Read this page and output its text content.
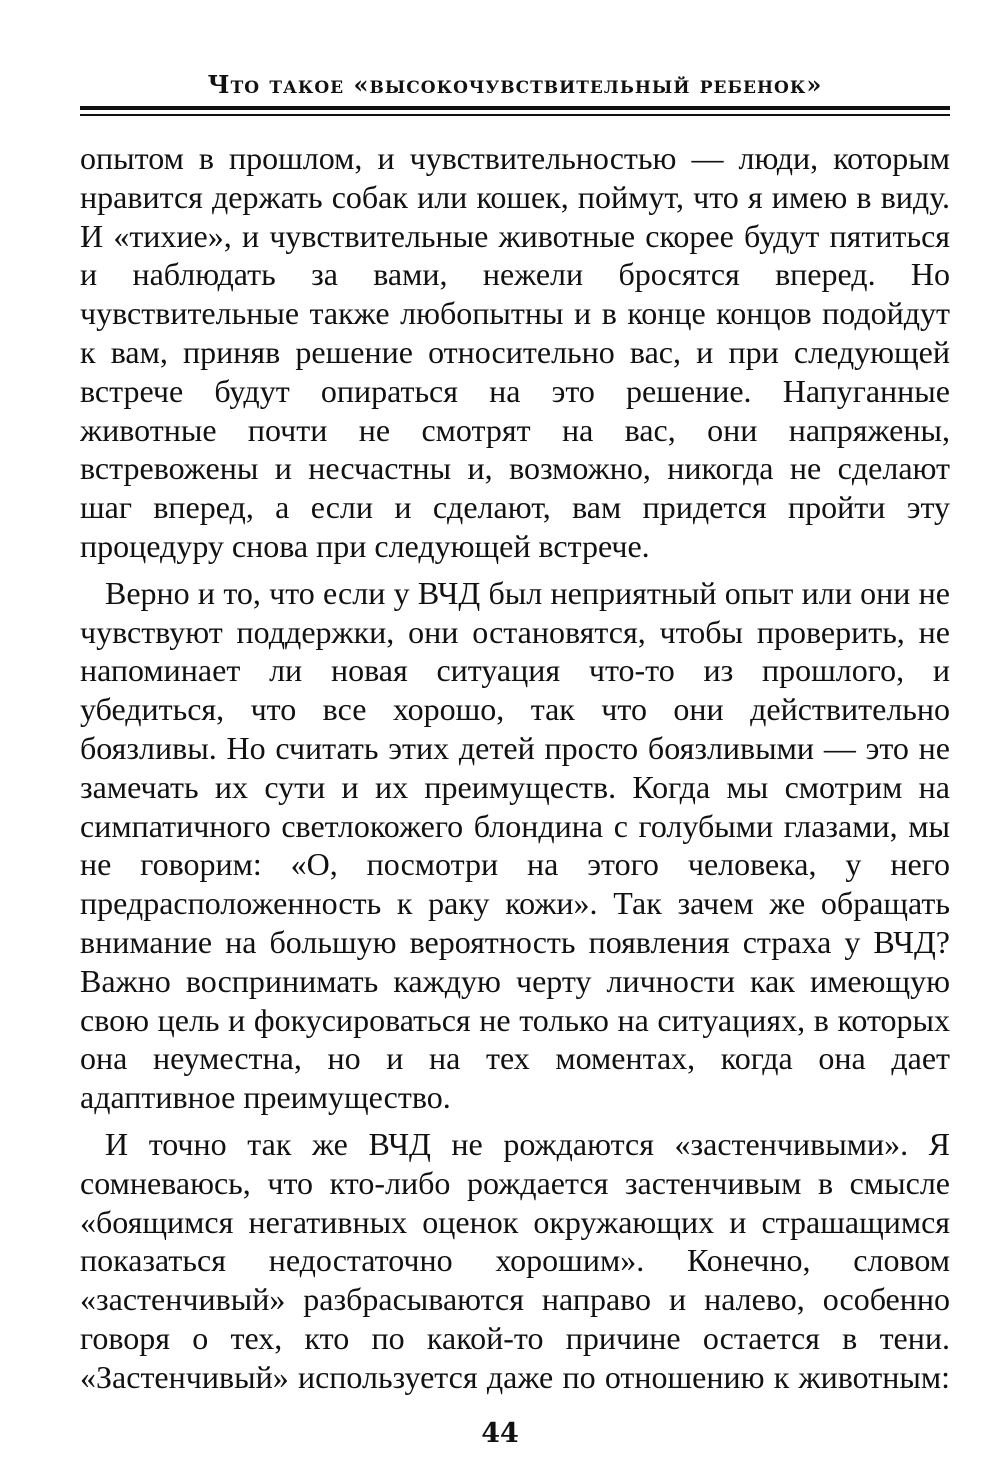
Что такое «высокочувствительный ребенок»

опытом в прошлом, и чувствительностью — люди, которым нравится держать собак или кошек, поймут, что я имею в виду. И «тихие», и чувствительные животные скорее будут пятиться и наблюдать за вами, нежели бросятся вперед. Но чувствительные также любопытны и в конце концов подойдут к вам, приняв решение относительно вас, и при следующей встрече будут опираться на это решение. Напуганные животные почти не смотрят на вас, они напряжены, встревожены и несчастны и, возможно, никогда не сделают шаг вперед, а если и сделают, вам придется пройти эту процедуру снова при следующей встрече.

Верно и то, что если у ВЧД был неприятный опыт или они не чувствуют поддержки, они остановятся, чтобы проверить, не напоминает ли новая ситуация что-то из прошлого, и убедиться, что все хорошо, так что они действительно боязливы. Но считать этих детей просто боязливыми — это не замечать их сути и их преимуществ. Когда мы смотрим на симпатичного светлокожего блондина с голубыми глазами, мы не говорим: «О, посмотри на этого человека, у него предрасположенность к раку кожи». Так зачем же обращать внимание на большую вероятность появления страха у ВЧД? Важно воспринимать каждую черту личности как имеющую свою цель и фокусироваться не только на ситуациях, в которых она неуместна, но и на тех моментах, когда она дает адаптивное преимущество.

И точно так же ВЧД не рождаются «застенчивыми». Я сомневаюсь, что кто-либо рождается застенчивым в смысле «боящимся негативных оценок окружающих и страшащимся показаться недостаточно хорошим». Конечно, словом «застенчивый» разбрасываются направо и налево, особенно говоря о тех, кто по какой-то причине остается в тени. «Застенчивый» используется даже по отношению к животным:

44
